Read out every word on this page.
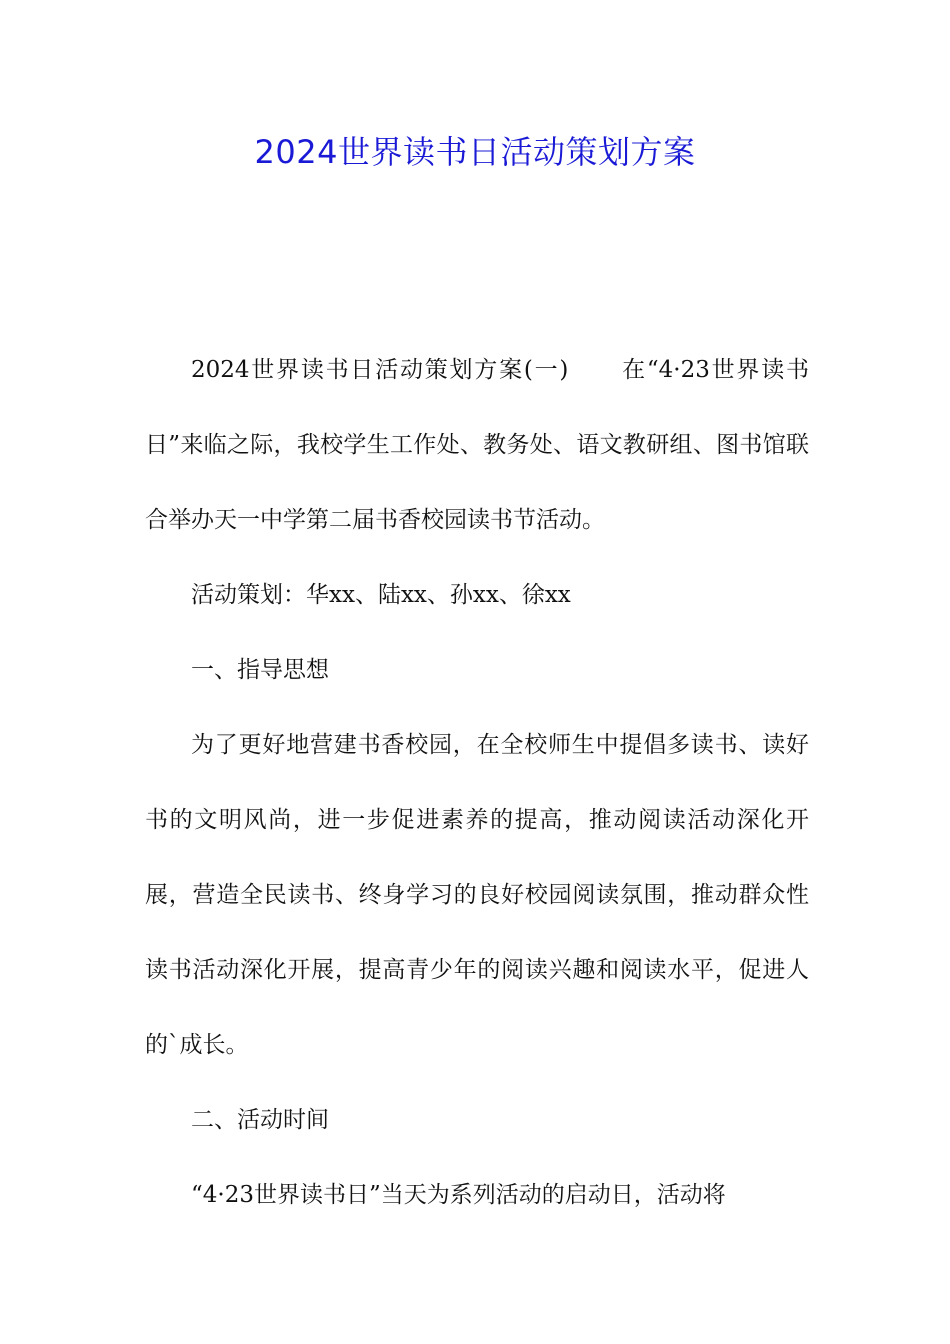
2024世界读书日活动策划方案

2024世界读书日活动策划方案(一) 在“4·23世界读书日”来临之际，我校学生工作处、教务处、语文教研组、图书馆联合举办天一中学第二届书香校园读书节活动。

活动策划：华xx、陆xx、孙xx、徐xx

一、指导思想

为了更好地营建书香校园，在全校师生中提倡多读书、读好书的文明风尚，进一步促进素养的提高，推动阅读活动深化开展，营造全民读书、终身学习的良好校园阅读氛围，推动群众性读书活动深化开展，提高青少年的阅读兴趣和阅读水平，促进人的`成长。

二、活动时间

“4·23世界读书日”当天为系列活动的启动日，活动将
